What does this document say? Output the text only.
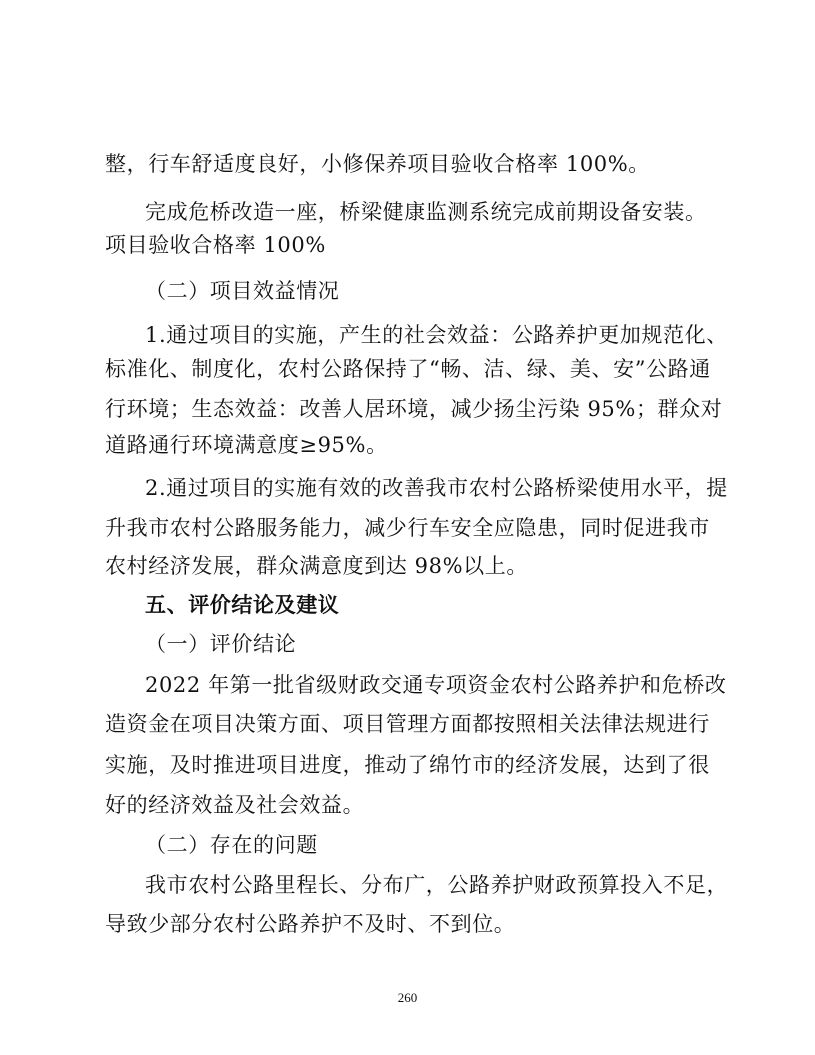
整，行车舒适度良好，小修保养项目验收合格率 100%。
完成危桥改造一座，桥梁健康监测系统完成前期设备安装。
项目验收合格率 100%
（二）项目效益情况
1.通过项目的实施，产生的社会效益：公路养护更加规范化、
标准化、制度化，农村公路保持了“畅、洁、绿、美、安”公路通
行环境；生态效益：改善人居环境，减少扬尘污染 95%；群众对
道路通行环境满意度≥95%。
2.通过项目的实施有效的改善我市农村公路桥梁使用水平，提
升我市农村公路服务能力，减少行车安全应隐患，同时促进我市
农村经济发展，群众满意度到达 98%以上。
五、评价结论及建议
（一）评价结论
2022 年第一批省级财政交通专项资金农村公路养护和危桥改
造资金在项目决策方面、项目管理方面都按照相关法律法规进行
实施，及时推进项目进度，推动了绵竹市的经济发展，达到了很
好的经济效益及社会效益。
（二）存在的问题
我市农村公路里程长、分布广，公路养护财政预算投入不足，
导致少部分农村公路养护不及时、不到位。
260
